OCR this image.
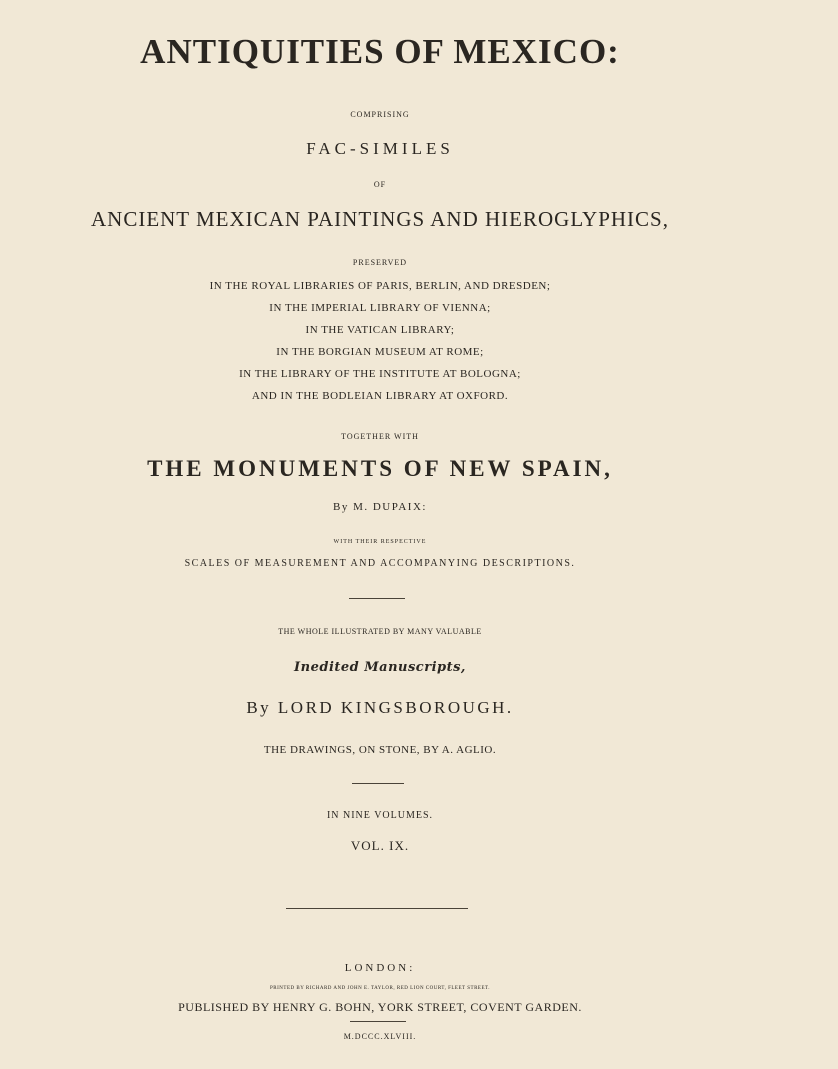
ANTIQUITIES OF MEXICO:
COMPRISING
FAC-SIMILES
OF
ANCIENT MEXICAN PAINTINGS AND HIEROGLYPHICS,
PRESERVED
IN THE ROYAL LIBRARIES OF PARIS, BERLIN, AND DRESDEN;
IN THE IMPERIAL LIBRARY OF VIENNA;
IN THE VATICAN LIBRARY;
IN THE BORGIAN MUSEUM AT ROME;
IN THE LIBRARY OF THE INSTITUTE AT BOLOGNA;
AND IN THE BODLEIAN LIBRARY AT OXFORD.
TOGETHER WITH
THE MONUMENTS OF NEW SPAIN,
By M. DUPAIX:
WITH THEIR RESPECTIVE
SCALES OF MEASUREMENT AND ACCOMPANYING DESCRIPTIONS.
THE WHOLE ILLUSTRATED BY MANY VALUABLE
Inedited Manuscripts,
By LORD KINGSBOROUGH.
THE DRAWINGS, ON STONE, BY A. AGLIO.
IN NINE VOLUMES.
VOL. IX.
LONDON:
PRINTED BY RICHARD AND JOHN E. TAYLOR, RED LION COURT, FLEET STREET.
PUBLISHED BY HENRY G. BOHN, YORK STREET, COVENT GARDEN.
M.DCCC.XLVIII.
